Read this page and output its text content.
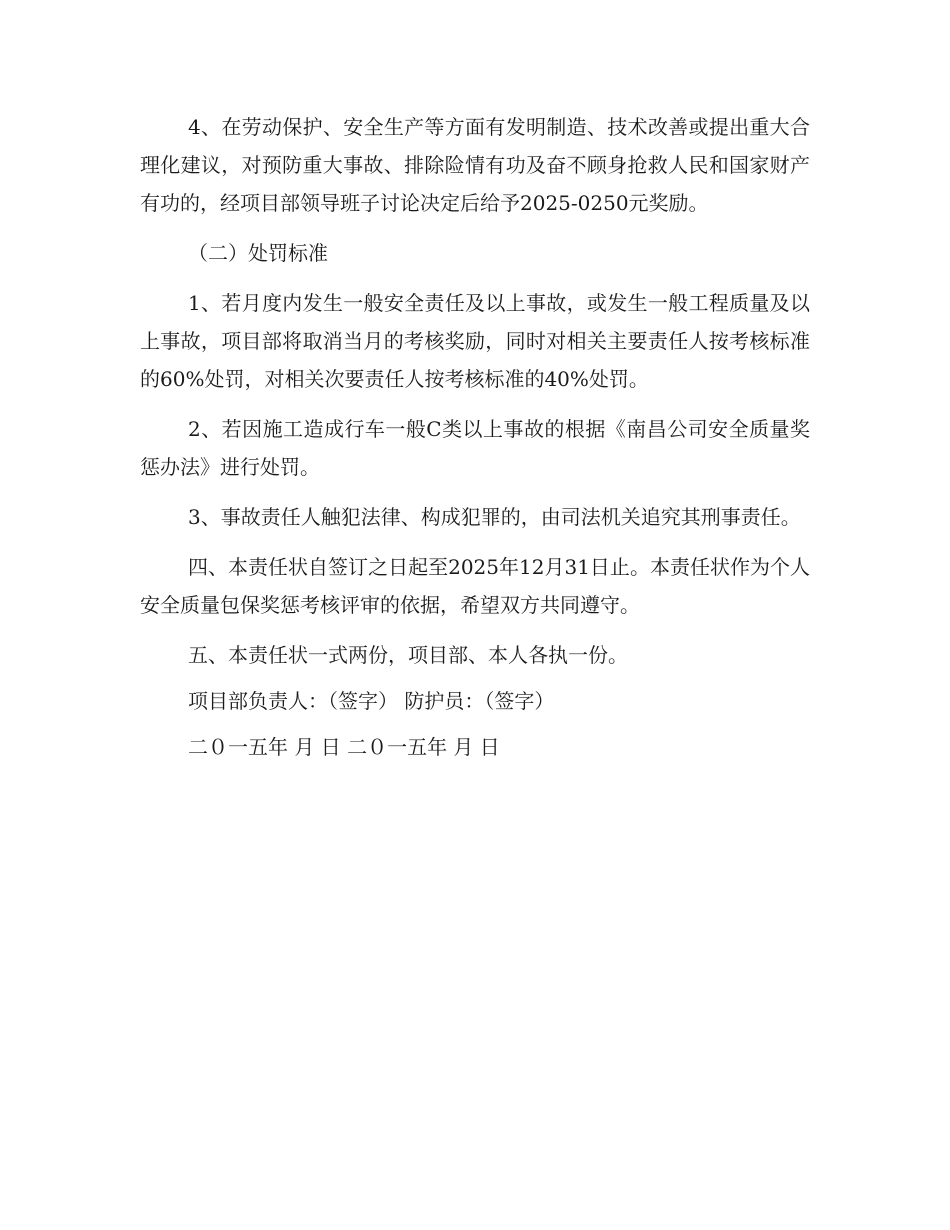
4、在劳动保护、安全生产等方面有发明制造、技术改善或提出重大合理化建议，对预防重大事故、排除险情有功及奋不顾身抢救人民和国家财产有功的，经项目部领导班子讨论决定后给予2025-0250元奖励。

（二）处罚标准

1、若月度内发生一般安全责任及以上事故，或发生一般工程质量及以上事故，项目部将取消当月的考核奖励，同时对相关主要责任人按考核标准的60%处罚，对相关次要责任人按考核标准的40%处罚。

2、若因施工造成行车一般C类以上事故的根据《南昌公司安全质量奖惩办法》进行处罚。

3、事故责任人触犯法律、构成犯罪的，由司法机关追究其刑事责任。

四、本责任状自签订之日起至2025年12月31日止。本责任状作为个人安全质量包保奖惩考核评审的依据，希望双方共同遵守。

五、本责任状一式两份，项目部、本人各执一份。

项目部负责人：（签字） 防护员：（签字）

二０一五年 月 日 二０一五年 月 日
